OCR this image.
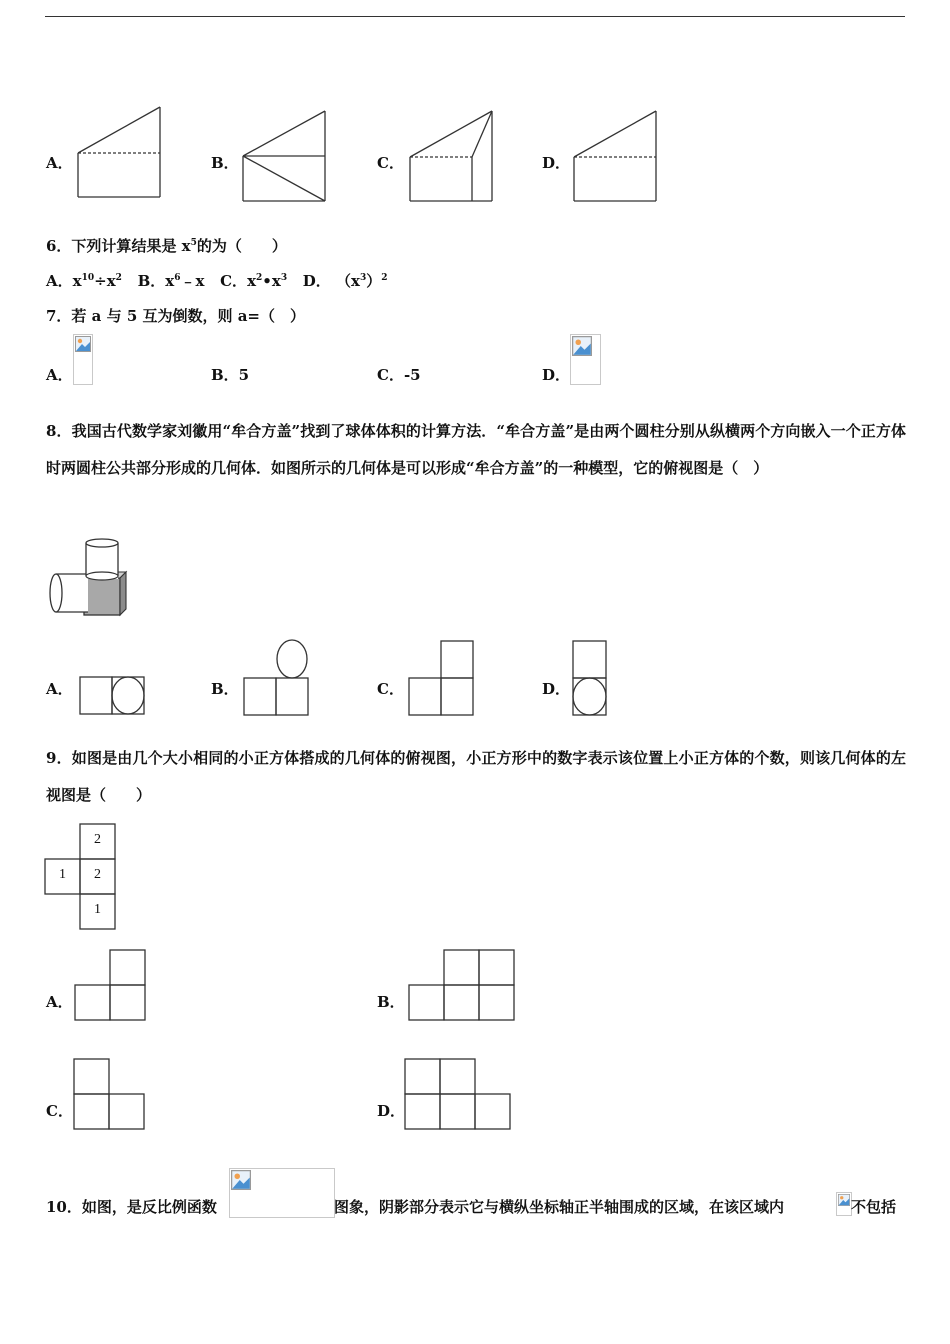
A．	B．	C．	D．
6．下列计算结果是 $x^5$的为（　　）
A．$x^{10}\div x^2$ B．$x^6﹣x$ C．$x^2•x^3$ D． $(x^3)^2$
7．若 a 与 5 互为倒数，则 a=（　）
A．	B．5	C．-5	D．
8．我国古代数学家刘徽用“牟合方盖”找到了球体体积的计算方法．“牟合方盖”是由两个圆柱分别从纵横两个方向嵌入一个正方体时两圆柱公共部分形成的几何体．如图所示的几何体是可以形成“牟合方盖”的一种模型，它的俯视图是（　）
A．	B．	C．	D．
9．如图是由几个大小相同的小正方体搭成的几何体的俯视图，小正方形中的数字表示该位置上小正方体的个数，则该几何体的左视图是（　　）
2
1	2
1
A．	B．
C．	D．
10．如图，是反比例函数	图象，阴影部分表示它与横纵坐标轴正半轴围成的区域，在该区域内	不包括
